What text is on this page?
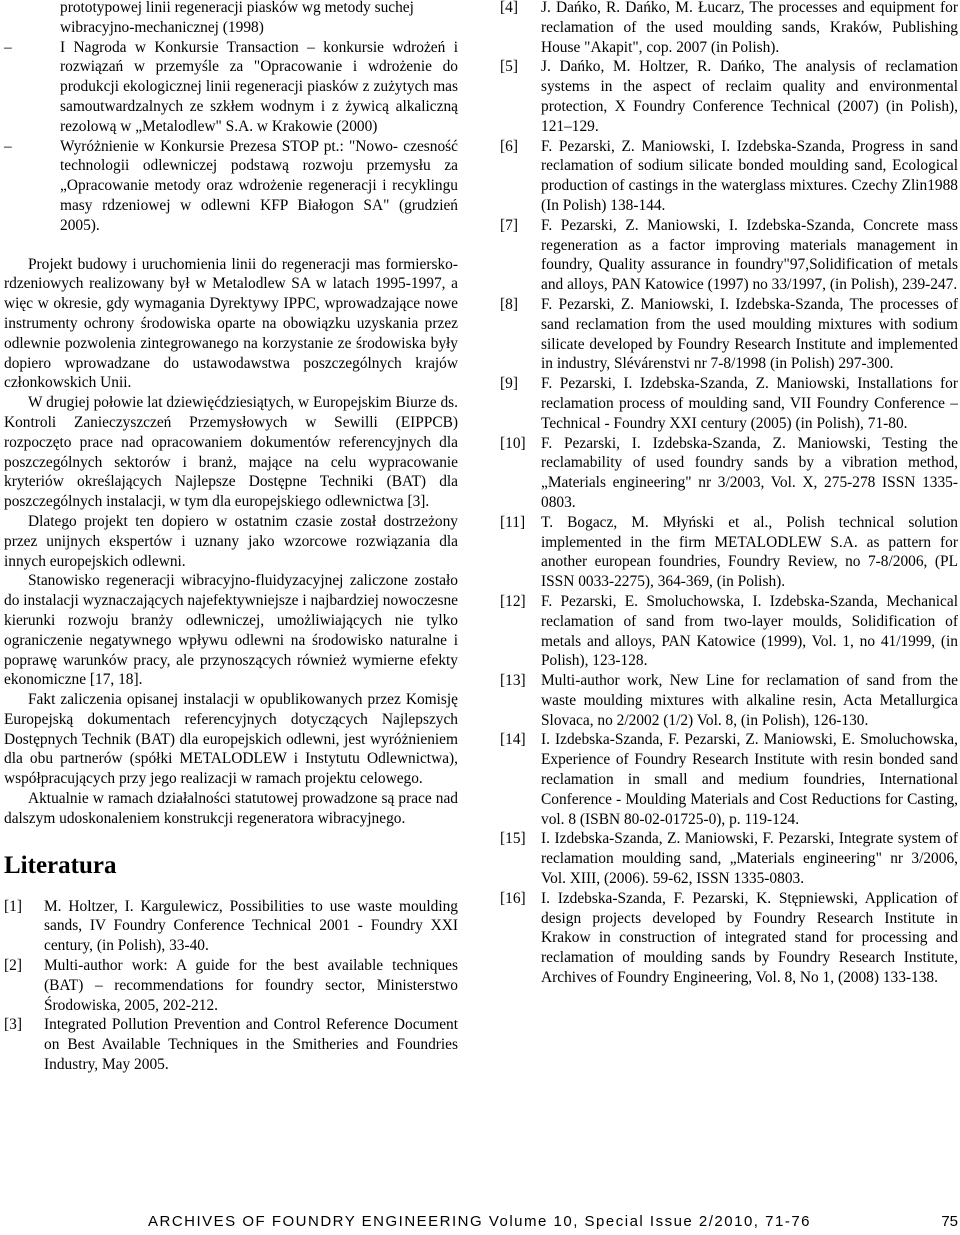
prototypowej linii regeneracji piasków wg metody suchej

wibracyjno-mechanicznej (1998)

–	I Nagroda w Konkursie Transaction – konkursie wdrożeń i rozwiązań w przemyśle za "Opracowanie i wdrożenie do produkcji ekologicznej linii regeneracji piasków z zużytych mas samoutwardzalnych ze szkłem wodnym i z żywicą alkaliczną rezolową w „Metalodlew" S.A. w Krakowie (2000)
–	Wyróżnienie w Konkursie Prezesa STOP pt.: "Nowo- czesność technologii odlewniczej podstawą rozwoju przemysłu za „Opracowanie metody oraz wdrożenie regeneracji i recyklingu masy rdzeniowej w odlewni KFP Białogon SA" (grudzień 2005).

Projekt budowy i uruchomienia linii do regeneracji mas formiersko-rdzeniowych realizowany był w Metalodlew SA w latach 1995-1997, a więc w okresie, gdy wymagania Dyrektywy IPPC, wprowadzające nowe instrumenty ochrony środowiska oparte na obowiązku uzyskania przez odlewnie pozwolenia zintegrowanego na korzystanie ze środowiska były dopiero wprowadzane do ustawodawstwa poszczególnych krajów członkowskich Unii.

W drugiej połowie lat dziewięćdziesiątych, w Europejskim Biurze ds. Kontroli Zanieczyszczeń Przemysłowych w Sewilli (EIPPCB) rozpoczęto prace nad opracowaniem dokumentów referencyjnych dla poszczególnych sektorów i branż, mające na celu wypracowanie kryteriów określających Najlepsze Dostępne Techniki (BAT) dla poszczególnych instalacji, w tym dla europejskiego odlewnictwa [3].

Dlatego projekt ten dopiero w ostatnim czasie został dostrzeżony przez unijnych ekspertów i uznany jako wzorcowe rozwiązania dla innych europejskich odlewni.

Stanowisko regeneracji wibracyjno-fluidyzacyjnej zaliczone zostało do instalacji wyznaczających najefektywniejsze i najbardziej nowoczesne kierunki rozwoju branży odlewniczej, umożliwiających nie tylko ograniczenie negatywnego wpływu odlewni na środowisko naturalne i poprawę warunków pracy, ale przynoszących również wymierne efekty ekonomiczne [17, 18].

Fakt zaliczenia opisanej instalacji w opublikowanych przez Komisję Europejską dokumentach referencyjnych dotyczących Najlepszych Dostępnych Technik (BAT) dla europejskich odlewni, jest wyróżnieniem dla obu partnerów (spółki METALODLEW i Instytutu Odlewnictwa), współpracujących przy jego realizacji w ramach projektu celowego.

Aktualnie w ramach działalności statutowej prowadzone są prace nad dalszym udoskonaleniem konstrukcji regeneratora wibracyjnego.

Literatura
[1] M. Holtzer, I. Kargulewicz, Possibilities to use waste moulding sands, IV Foundry Conference Technical 2001 - Foundry XXI century, (in Polish), 33-40.
[2] Multi-author work: A guide for the best available techniques (BAT) – recommendations for foundry sector, Ministerstwo Środowiska, 2005, 202-212.
[3] Integrated Pollution Prevention and Control Reference Document on Best Available Techniques in the Smitheries and Foundries Industry, May 2005.
[4] J. Dańko, R. Dańko, M. Łucarz, The processes and equipment for reclamation of the used moulding sands, Kraków, Publishing House "Akapit", cop. 2007 (in Polish).
[5] J. Dańko, M. Holtzer, R. Dańko, The analysis of reclamation systems in the aspect of reclaim quality and environmental protection, X Foundry Conference Technical (2007) (in Polish), 121–129.
[6] F. Pezarski, Z. Maniowski, I. Izdebska-Szanda, Progress in sand reclamation of sodium silicate bonded moulding sand, Ecological production of castings in the waterglass mixtures. Czechy Zlin1988 (In Polish) 138-144.
[7] F. Pezarski, Z. Maniowski, I. Izdebska-Szanda, Concrete mass regeneration as a factor improving materials management in foundry, Quality assurance in foundry"97,Solidification of metals and alloys, PAN Katowice (1997) no 33/1997, (in Polish), 239-247.
[8] F. Pezarski, Z. Maniowski, I. Izdebska-Szanda, The processes of sand reclamation from the used moulding mixtures with sodium silicate developed by Foundry Research Institute and implemented in industry, Slévárenstvi nr 7-8/1998 (in Polish) 297-300.
[9] F. Pezarski, I. Izdebska-Szanda, Z. Maniowski, Installations for reclamation process of moulding sand, VII Foundry Conference –Technical - Foundry XXI century (2005) (in Polish), 71-80.
[10] F. Pezarski, I. Izdebska-Szanda, Z. Maniowski, Testing the reclamability of used foundry sands by a vibration method, „Materials engineering" nr 3/2003, Vol. X, 275-278 ISSN 1335-0803.
[11] T. Bogacz, M. Młyński et al., Polish technical solution implemented in the firm METALODLEW S.A. as pattern for another european foundries, Foundry Review, no 7-8/2006, (PL ISSN 0033-2275), 364-369, (in Polish).
[12] F. Pezarski, E. Smoluchowska, I. Izdebska-Szanda, Mechanical reclamation of sand from two-layer moulds, Solidification of metals and alloys, PAN Katowice (1999), Vol. 1, no 41/1999, (in Polish), 123-128.
[13] Multi-author work, New Line for reclamation of sand from the waste moulding mixtures with alkaline resin, Acta Metallurgica Slovaca, no 2/2002 (1/2) Vol. 8, (in Polish), 126-130.
[14] I. Izdebska-Szanda, F. Pezarski, Z. Maniowski, E. Smoluchowska, Experience of Foundry Research Institute with resin bonded sand reclamation in small and medium foundries, International Conference - Moulding Materials and Cost Reductions for Casting, vol. 8 (ISBN 80-02-01725-0), p. 119-124.
[15] I. Izdebska-Szanda, Z. Maniowski, F. Pezarski, Integrate system of reclamation moulding sand, „Materials engineering" nr 3/2006, Vol. XIII, (2006). 59-62, ISSN 1335-0803.
[16] I. Izdebska-Szanda, F. Pezarski, K. Stępniewski, Application of design projects developed by Foundry Research Institute in Krakow in construction of integrated stand for processing and reclamation of moulding sands by Foundry Research Institute, Archives of Foundry Engineering, Vol. 8, No 1, (2008) 133-138.
ARCHIVES OF FOUNDRY ENGINEERING Volume 10, Special Issue 2/2010, 71-76	75
